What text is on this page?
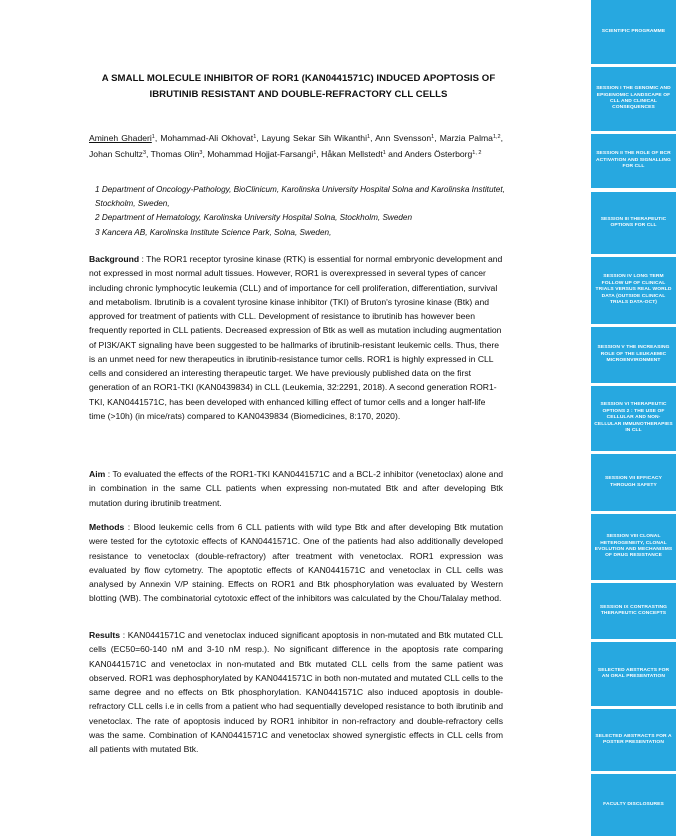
A SMALL MOLECULE INHIBITOR OF ROR1 (KAN0441571C) INDUCED APOPTOSIS OF IBRUTINIB RESISTANT AND DOUBLE-REFRACTORY CLL CELLS
Amineh Ghaderi$^1$, Mohammad-Ali Okhovat$^1$, Layung Sekar Sih Wikanthi$^1$, Ann Svensson$^1$, Marzia Palma$^{1,2}$, Johan Schultz$^3$, Thomas Olin$^3$, Mohammad Hojjat-Farsangi$^1$, Håkan Mellstedt$^1$ and Anders Österborg$^{1, 2}$
1 Department of Oncology-Pathology, BioClinicum, Karolinska University Hospital Solna and Karolinska Institutet, Stockholm, Sweden,
2 Department of Hematology, Karolinska University Hospital Solna, Stockholm, Sweden
3 Kancera AB, Karolinska Institute Science Park, Solna, Sweden,
Background : The ROR1 receptor tyrosine kinase (RTK) is essential for normal embryonic development and not expressed in most normal adult tissues. However, ROR1 is overexpressed in several types of cancer including chronic lymphocytic leukemia (CLL) and of importance for cell proliferation, differentiation, survival and metabolism. Ibrutinib is a covalent tyrosine kinase inhibitor (TKI) of Bruton's tyrosine kinase (Btk) and approved for treatment of patients with CLL. Development of resistance to ibrutinib has however been frequently reported in CLL patients. Decreased expression of Btk as well as mutation including augmentation of PI3K/AKT signaling have been suggested to be hallmarks of ibrutinib-resistant leukemic cells. Thus, there is an unmet need for new therapeutics in ibrutinib-resistance tumor cells. ROR1 is highly expressed in CLL cells and considered an interesting therapeutic target. We have previously published data on the first generation of an ROR1-TKI (KAN0439834) in CLL (Leukemia, 32:2291, 2018). A second generation ROR1-TKI, KAN0441571C, has been developed with enhanced killing effect of tumor cells and a longer half-life time (>10h) (in mice/rats) compared to KAN0439834 (Biomedicines, 8:170, 2020).
Aim : To evaluated the effects of the ROR1-TKI KAN0441571C and a BCL-2 inhibitor (venetoclax) alone and in combination in the same CLL patients when expressing non-mutated Btk and after developing Btk mutation during ibrutinib treatment.
Methods : Blood leukemic cells from 6 CLL patients with wild type Btk and after developing Btk mutation were tested for the cytotoxic effects of KAN0441571C. One of the patients had also additionally developed resistance to venetoclax (double-refractory) after treatment with venetoclax. ROR1 expression was evaluated by flow cytometry. The apoptotic effects of KAN0441571C and venetoclax in CLL cells was analysed by Annexin V/P staining. Effects on ROR1 and Btk phosphorylation was evaluated by Western blotting (WB). The combinatorial cytotoxic effect of the inhibitors was calculated by the Chou/Talalay method.
Results : KAN0441571C and venetoclax induced significant apoptosis in non-mutated and Btk mutated CLL cells (EC50=60-140 nM and 3-10 nM resp.). No significant difference in the apoptosis rate comparing KAN0441571C and venetoclax in non-mutated and Btk mutated CLL cells from the same patient was observed. ROR1 was dephosphorylated by KAN0441571C in both non-mutated and mutated CLL cells to the same degree and no effects on Btk phosphorylation. KAN0441571C also induced apoptosis in double-refractory CLL cells i.e in cells from a patient who had sequentially developed resistance to both ibrutinib and venetoclax. The rate of apoptosis induced by ROR1 inhibitor in non-refractory and double-refractory cells was the same. Combination of KAN0441571C and venetoclax showed synergistic effects in CLL cells from all patients with mutated Btk.
SCIENTIFIC PROGRAMME
SESSION I THE GENOMIC AND EPIGENOMIC LANDSCAPE OF CLL AND CLINICAL CONSEQUENCES
SESSION II THE ROLE OF BCR ACTIVATION AND SIGNALLING FOR CLL
SESSION III THERAPEUTIC OPTIONS FOR CLL
SESSION IV LONG TERM FOLLOW UP OF CLINICAL TRIALS VERSUS REAL WORLD DATA (OUTSIDE CLINICAL TRIALS DATA-OCT)
SESSION V THE INCREASING ROLE OF THE LEUKAEMIC MICROENVIRONMENT
SESSION VI THERAPEUTIC OPTIONS 2 : THE USE OF CELLULAR AND NON-CELLULAR IMMUNOTHERAPIES IN CLL
SESSION VII EFFICACY THROUGH SAFETY
SESSION VIII CLONAL HETEROGENEITY, CLONAL EVOLUTION AND MECHANISMS OF DRUG RESISTANCE
SESSION IX CONTRASTING THERAPEUTIC CONCEPTS
SELECTED ABSTRACTS FOR AN ORAL PRESENTATION
SELECTED ABSTRACTS FOR A POSTER PRESENTATION
FACULTY DISCLOSURES
